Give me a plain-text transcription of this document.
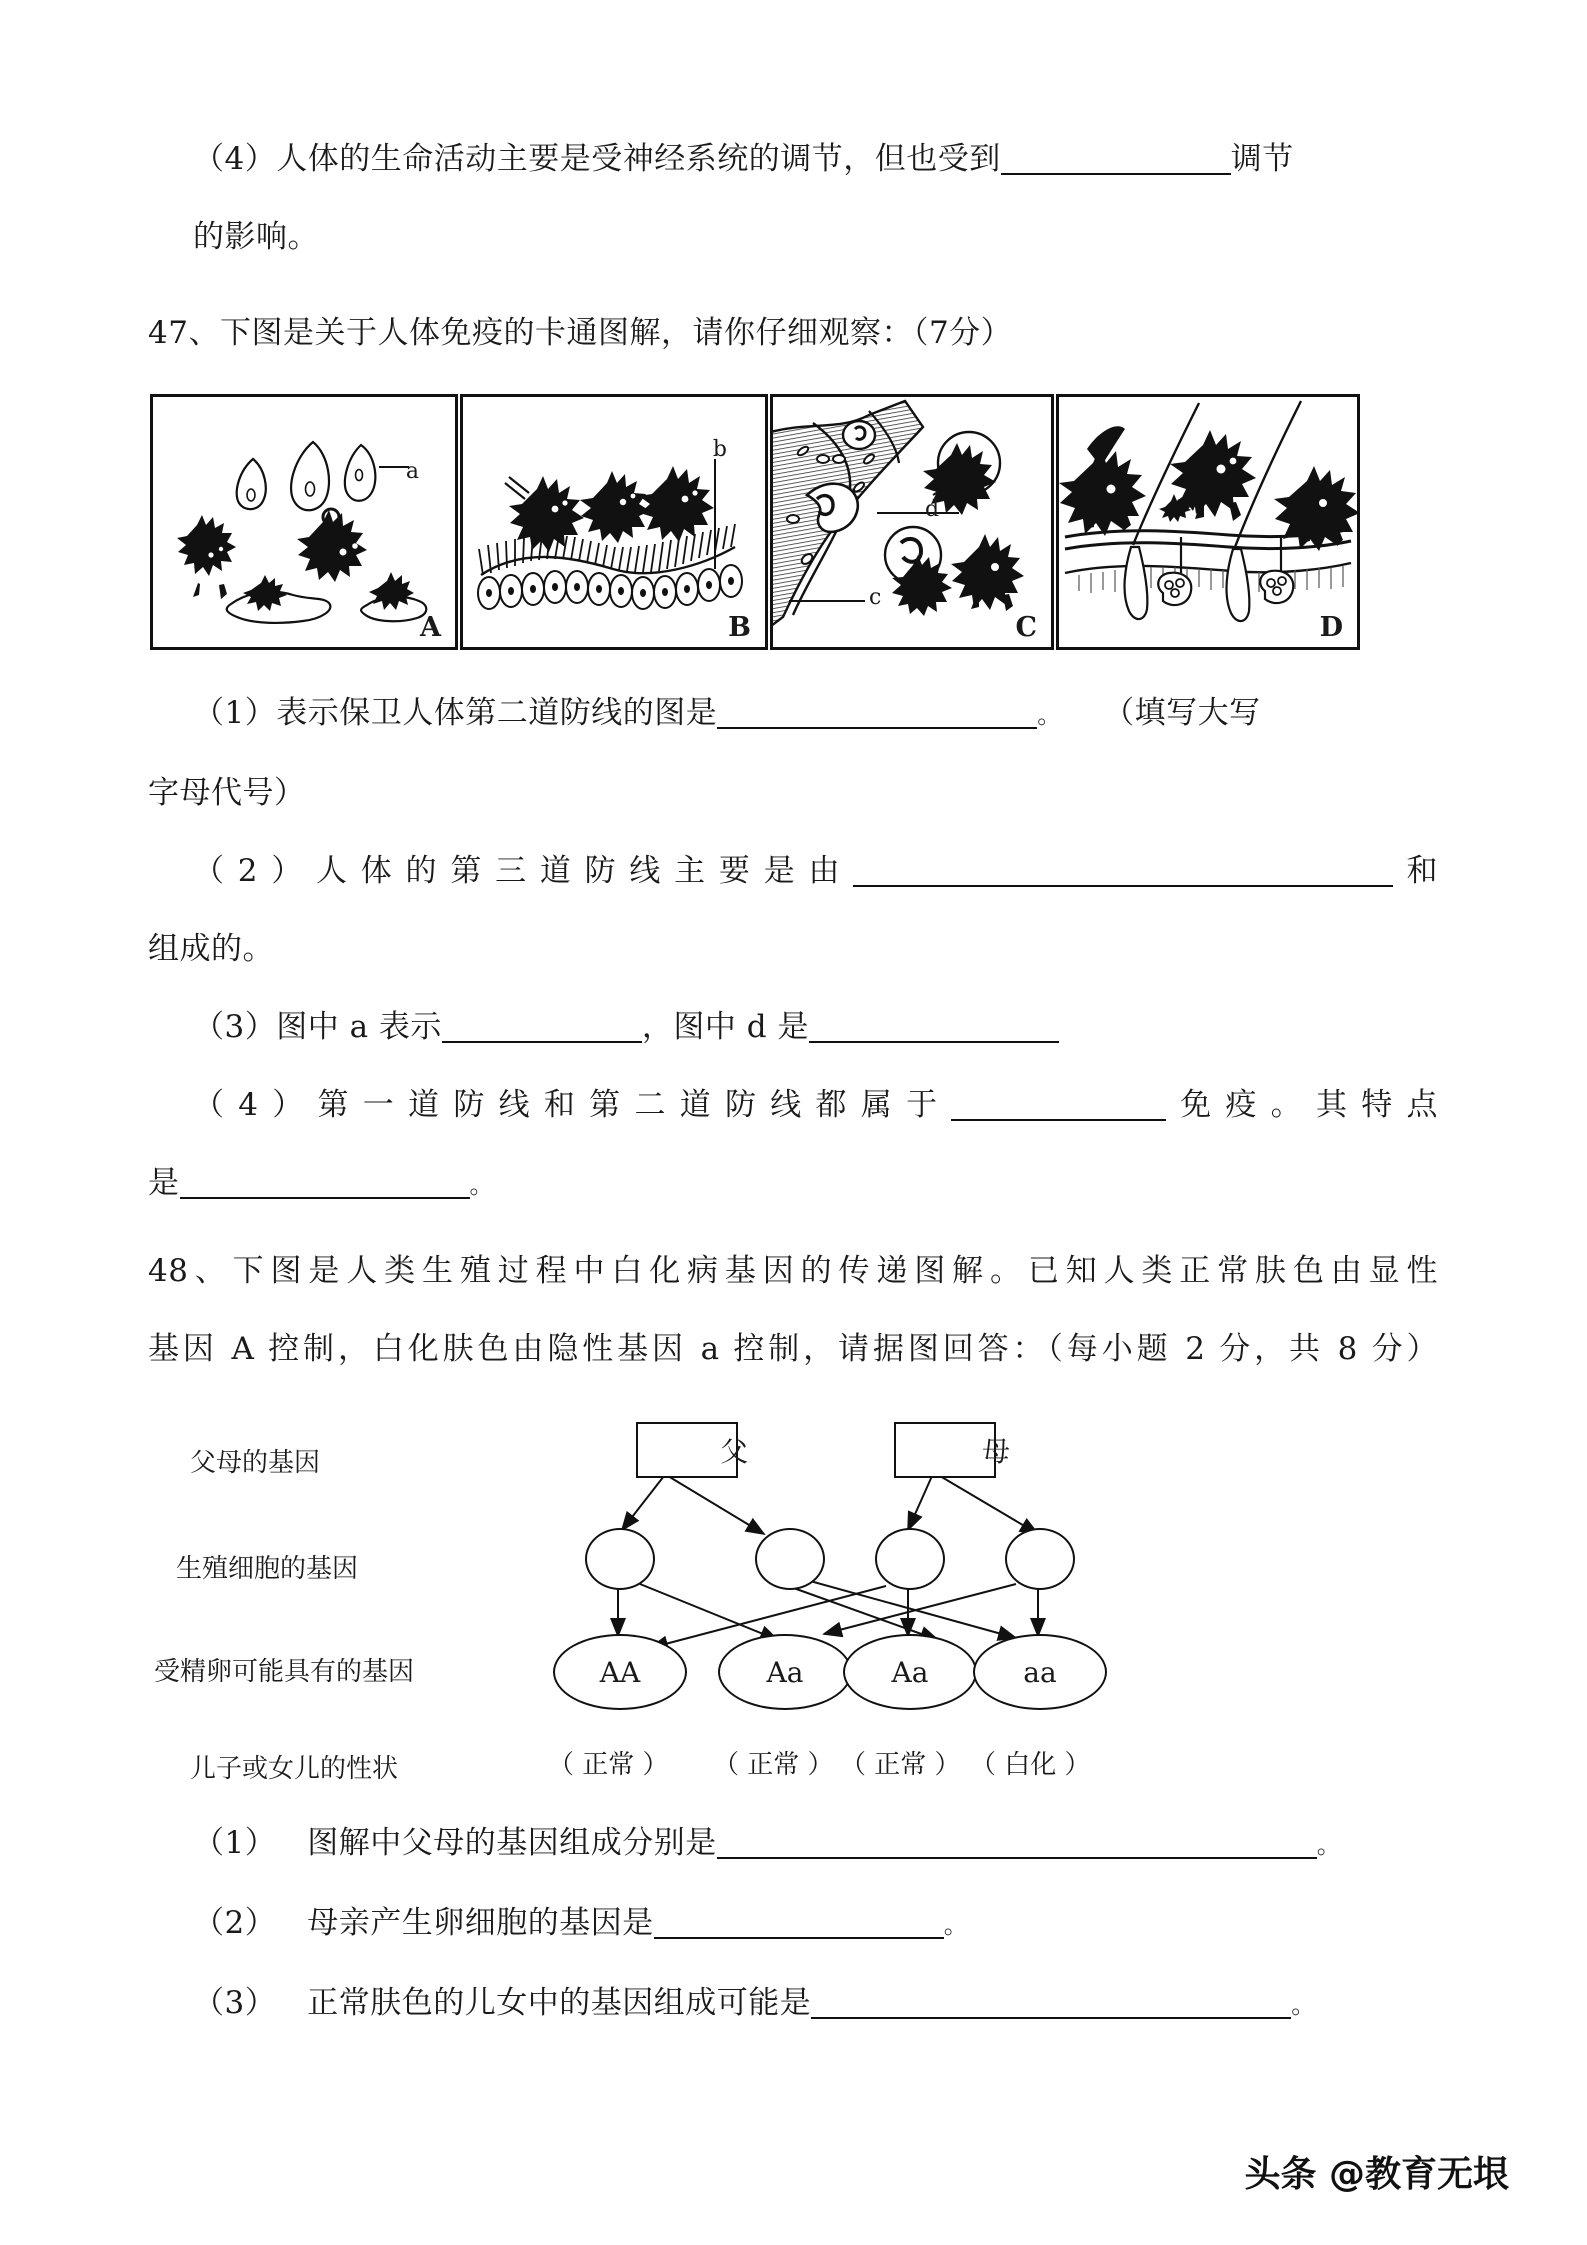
（4）人体的生命活动主要是受神经系统的调节，但也受到	调节
的影响。
47、下图是关于人体免疫的卡通图解，请你仔细观察：（7分）
a
A
b
B
d
c
C	D
（1）表示保卫人体第二道防线的图是	。 （填写大写
字母代号）
（2）人体的第三道防线主要是由	和
组成的。
（3）图中 a 表示	，图中 d 是
（4）第一道防线和第二道防线都属于	免疫。其特点
是	。
48、下图是人类生殖过程中白化病基因的传递图解。已知人类正常肤色由显性
基因 A 控制，白化肤色由隐性基因 a 控制，请据图回答：（每小题 2 分，共 8 分）
父母的基因
生殖细胞的基因
受精卵可能具有的基因
儿子或女儿的性状
父	母
AA	Aa	Aa	aa
（ 正常 ） （ 正常 ） （ 正常 ） （ 白化 ）
（1） 图解中父母的基因组成分别是	。
（2） 母亲产生卵细胞的基因是	。
（3） 正常肤色的儿女中的基因组成可能是	。
头条 @教育无垠
